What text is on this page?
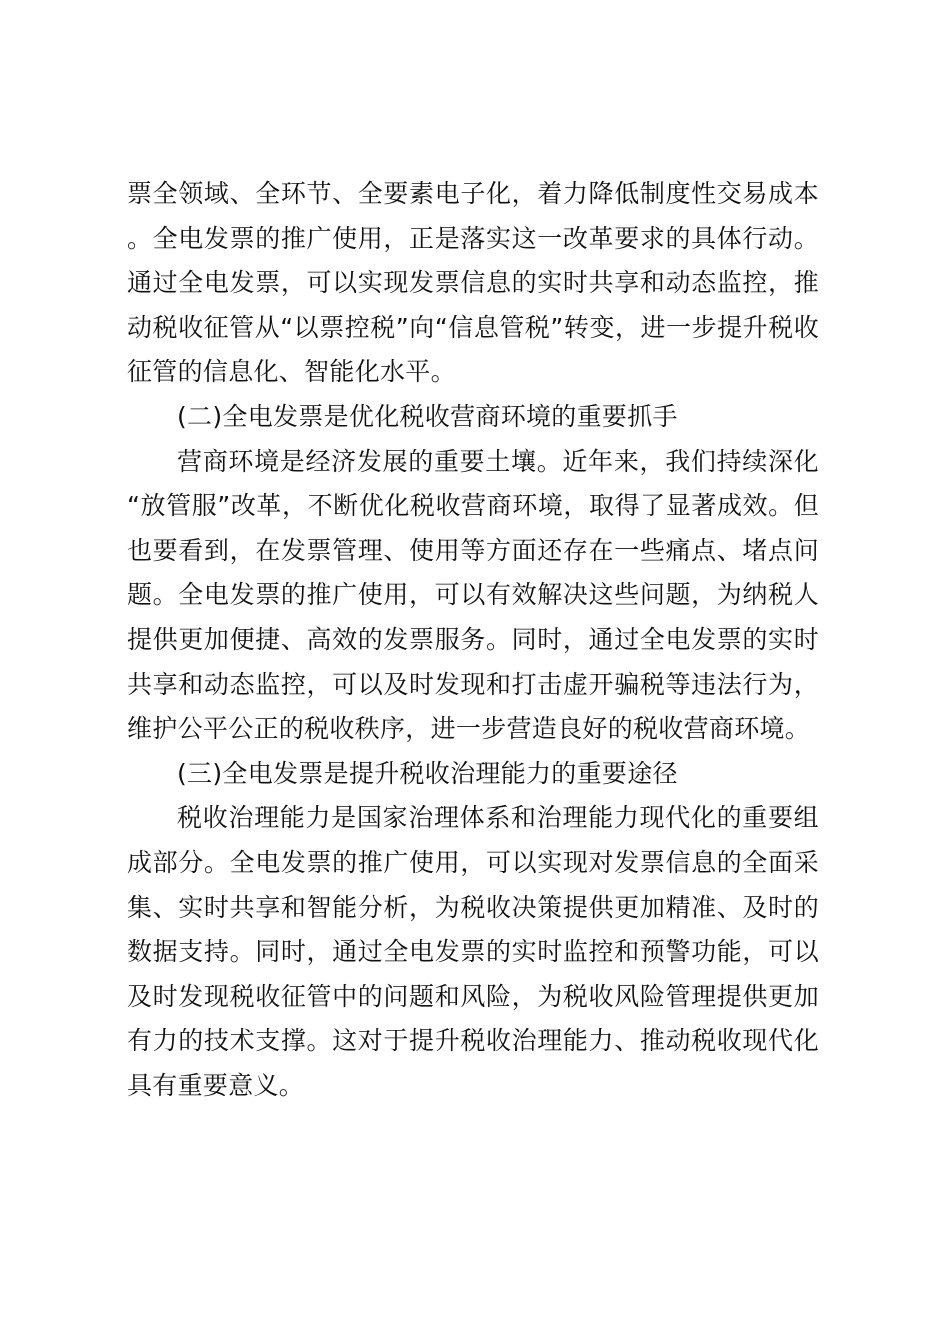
票全领域、全环节、全要素电子化，着力降低制度性交易成本。全电发票的推广使用，正是落实这一改革要求的具体行动。通过全电发票，可以实现发票信息的实时共享和动态监控，推动税收征管从“以票控税”向“信息管税”转变，进一步提升税收征管的信息化、智能化水平。

(二)全电发票是优化税收营商环境的重要抓手

营商环境是经济发展的重要土壤。近年来，我们持续深化“放管服”改革，不断优化税收营商环境，取得了显著成效。但也要看到，在发票管理、使用等方面还存在一些痛点、堵点问题。全电发票的推广使用，可以有效解决这些问题，为纳税人提供更加便捷、高效的发票服务。同时，通过全电发票的实时共享和动态监控，可以及时发现和打击虚开骗税等违法行为，维护公平公正的税收秩序，进一步营造良好的税收营商环境。

(三)全电发票是提升税收治理能力的重要途径

税收治理能力是国家治理体系和治理能力现代化的重要组成部分。全电发票的推广使用，可以实现对发票信息的全面采集、实时共享和智能分析，为税收决策提供更加精准、及时的数据支持。同时，通过全电发票的实时监控和预警功能，可以及时发现税收征管中的问题和风险，为税收风险管理提供更加有力的技术支撑。这对于提升税收治理能力、推动税收现代化具有重要意义。
